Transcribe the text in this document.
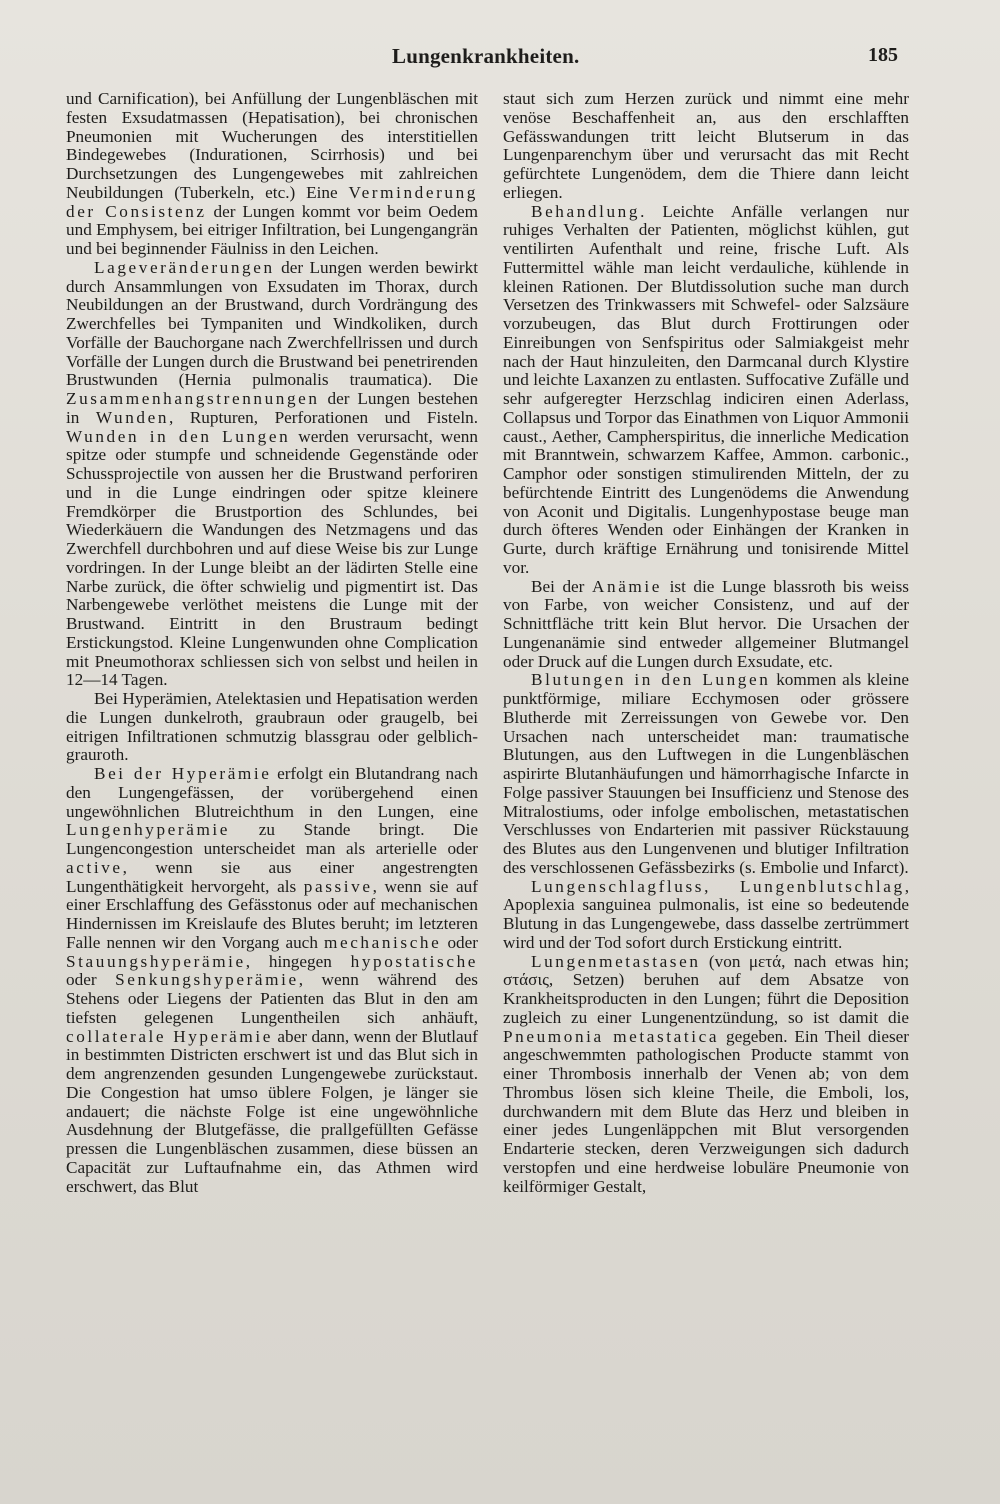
Lungenkrankheiten.	185

und Carnification), bei Anfüllung der Lungenbläschen mit festen Exsudatmassen (Hepatisation), bei chronischen Pneumonien mit Wucherungen des interstitiellen Bindegewebes (Indurationen, Scirrhosis) und bei Durchsetzungen des Lungengewebes mit zahlreichen Neubildungen (Tuberkeln, etc.) Eine Verminderung der Consistenz der Lungen kommt vor beim Oedem und Emphysem, bei eitriger Infiltration, bei Lungengangrän und bei beginnender Fäulniss in den Leichen.

Lageveränderungen der Lungen werden bewirkt durch Ansammlungen von Exsudaten im Thorax, durch Neubildungen an der Brustwand, durch Vordrängung des Zwerchfelles bei Tympaniten und Windkoliken, durch Vorfälle der Bauchorgane nach Zwerchfellrissen und durch Vorfälle der Lungen durch die Brustwand bei penetrirenden Brustwunden (Hernia pulmonalis traumatica). Die Zusammenhangstrennungen der Lungen bestehen in Wunden, Rupturen, Perforationen und Fisteln. Wunden in den Lungen werden verursacht, wenn spitze oder stumpfe und schneidende Gegenstände oder Schussprojectile von aussen her die Brustwand perforiren und in die Lunge eindringen oder spitze kleinere Fremdkörper die Brustportion des Schlundes, bei Wiederkäuern die Wandungen des Netzmagens und das Zwerchfell durchbohren und auf diese Weise bis zur Lunge vordringen. In der Lunge bleibt an der lädirten Stelle eine Narbe zurück, die öfter schwielig und pigmentirt ist. Das Narbengewebe verlöthet meistens die Lunge mit der Brustwand. Eintritt in den Brustraum bedingt Erstickungstod. Kleine Lungenwunden ohne Complication mit Pneumothorax schliessen sich von selbst und heilen in 12—14 Tagen.

Bei Hyperämien, Atelektasien und Hepatisation werden die Lungen dunkelroth, graubraun oder graugelb, bei eitrigen Infiltrationen schmutzig blassgrau oder gelblich-grauroth.

Bei der Hyperämie erfolgt ein Blutandrang nach den Lungengefässen, der vorübergehend einen ungewöhnlichen Blutreichthum in den Lungen, eine Lungenhyperämie zu Stande bringt. Die Lungencongestion unterscheidet man als arterielle oder active, wenn sie aus einer angestrengten Lungenthätigkeit hervorgeht, als passive, wenn sie auf einer Erschlaffung des Gefässtonus oder auf mechanischen Hindernissen im Kreislaufe des Blutes beruht; im letzteren Falle nennen wir den Vorgang auch mechanische oder Stauungshyperämie, hingegen hypostatische oder Senkungshyperämie, wenn während des Stehens oder Liegens der Patienten das Blut in den am tiefsten gelegenen Lungentheilen sich anhäuft, collaterale Hyperämie aber dann, wenn der Blutlauf in bestimmten Districten erschwert ist und das Blut sich in dem angrenzenden gesunden Lungengewebe zurückstaut. Die Congestion hat umso üblere Folgen, je länger sie andauert; die nächste Folge ist eine ungewöhnliche Ausdehnung der Blutgefässe, die prallgefüllten Gefässe pressen die Lungenbläschen zusammen, diese büssen an Capacität zur Luftaufnahme ein, das Athmen wird erschwert, das Blut

staut sich zum Herzen zurück und nimmt eine mehr venöse Beschaffenheit an, aus den erschlafften Gefässwandungen tritt leicht Blutserum in das Lungenparenchym über und verursacht das mit Recht gefürchtete Lungenödem, dem die Thiere dann leicht erliegen.

Behandlung. Leichte Anfälle verlangen nur ruhiges Verhalten der Patienten, möglichst kühlen, gut ventilirten Aufenthalt und reine, frische Luft. Als Futtermittel wähle man leicht verdauliche, kühlende in kleinen Rationen. Der Blutdissolution suche man durch Versetzen des Trinkwassers mit Schwefel- oder Salzsäure vorzubeugen, das Blut durch Frottirungen oder Einreibungen von Senfspiritus oder Salmiakgeist mehr nach der Haut hinzuleiten, den Darmcanal durch Klystire und leichte Laxanzen zu entlasten. Suffocative Zufälle und sehr aufgeregter Herzschlag indiciren einen Aderlass, Collapsus und Torpor das Einathmen von Liquor Ammonii caust., Aether, Campherspiritus, die innerliche Medication mit Branntwein, schwarzem Kaffee, Ammon. carbonic., Camphor oder sonstigen stimulirenden Mitteln, der zu befürchtende Eintritt des Lungenödems die Anwendung von Aconit und Digitalis. Lungenhypostase beuge man durch öfteres Wenden oder Einhängen der Kranken in Gurte, durch kräftige Ernährung und tonisirende Mittel vor.

Bei der Anämie ist die Lunge blassroth bis weiss von Farbe, von weicher Consistenz, und auf der Schnittfläche tritt kein Blut hervor. Die Ursachen der Lungenanämie sind entweder allgemeiner Blutmangel oder Druck auf die Lungen durch Exsudate, etc.

Blutungen in den Lungen kommen als kleine punktförmige, miliare Ecchymosen oder grössere Blutherde mit Zerreissungen von Gewebe vor. Den Ursachen nach unterscheidet man: traumatische Blutungen, aus den Luftwegen in die Lungenbläschen aspirirte Blutanhäufungen und hämorrhagische Infarcte in Folge passiver Stauungen bei Insufficienz und Stenose des Mitralostiums, oder infolge embolischen, metastatischen Verschlusses von Endarterien mit passiver Rückstauung des Blutes aus den Lungenvenen und blutiger Infiltration des verschlossenen Gefässbezirks (s. Embolie und Infarct).

Lungenschlagfluss, Lungenblutschlag, Apoplexia sanguinea pulmonalis, ist eine so bedeutende Blutung in das Lungengewebe, dass dasselbe zertrümmert wird und der Tod sofort durch Erstickung eintritt.

Lungenmetastasen (von μετά, nach etwas hin; στάσις, Setzen) beruhen auf dem Absatze von Krankheitsproducten in den Lungen; führt die Deposition zugleich zu einer Lungenentzündung, so ist damit die Pneumonia metastatica gegeben. Ein Theil dieser angeschwemmten pathologischen Producte stammt von einer Thrombosis innerhalb der Venen ab; von dem Thrombus lösen sich kleine Theile, die Emboli, los, durchwandern mit dem Blute das Herz und bleiben in einer jedes Lungenläppchen mit Blut versorgenden Endarterie stecken, deren Verzweigungen sich dadurch verstopfen und eine herdweise lobuläre Pneumonie von keilförmiger Gestalt,
